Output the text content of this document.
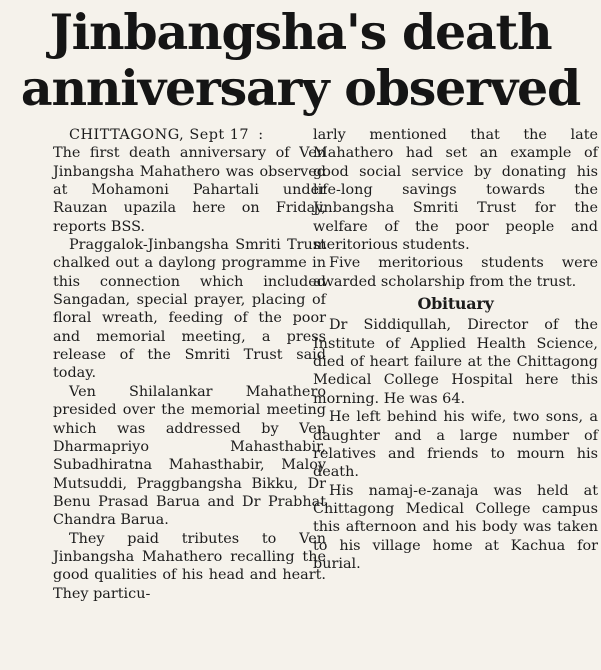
Jinbangsha's death
anniversary observed

CHITTAGONG, Sept 17 :

The first death anniversary of Ven Jinbangsha Mahathero was observed at Mohamoni Pahartali under Rauzan upazila here on Friday, reports BSS.

Praggalok-Jinbangsha Smriti Trust chalked out a daylong programme in this connection which included Sangadan, special prayer, placing of floral wreath, feeding of the poor and memorial meeting, a press release of the Smriti Trust said today.

Ven Shilalankar Mahathero presided over the memorial meeting which was addressed by Ven Dharmapriyo Mahasthabir, Subadhiratna Mahasthabir, Maloy Mutsuddi, Praggbangsha Bikku, Dr Benu Prasad Barua and Dr Prabhat Chandra Barua.

They paid tributes to Ven Jinbangsha Mahathero recalling the good qualities of his head and heart. They particu-

larly mentioned that the late Mahathero had set an example of good social service by donating his life-long savings towards the Jinbangsha Smriti Trust for the welfare of the poor people and meritorious students.

Five meritorious students were awarded scholarship from the trust.

Obituary

Dr Siddiqullah, Director of the Institute of Applied Health Science, died of heart failure at the Chittagong Medical College Hospital here this morning. He was 64.

He left behind his wife, two sons, a daughter and a large number of relatives and friends to mourn his death.

His namaj-e-zanaja was held at Chittagong Medical College campus this afternoon and his body was taken to his village home at Kachua for burial.
